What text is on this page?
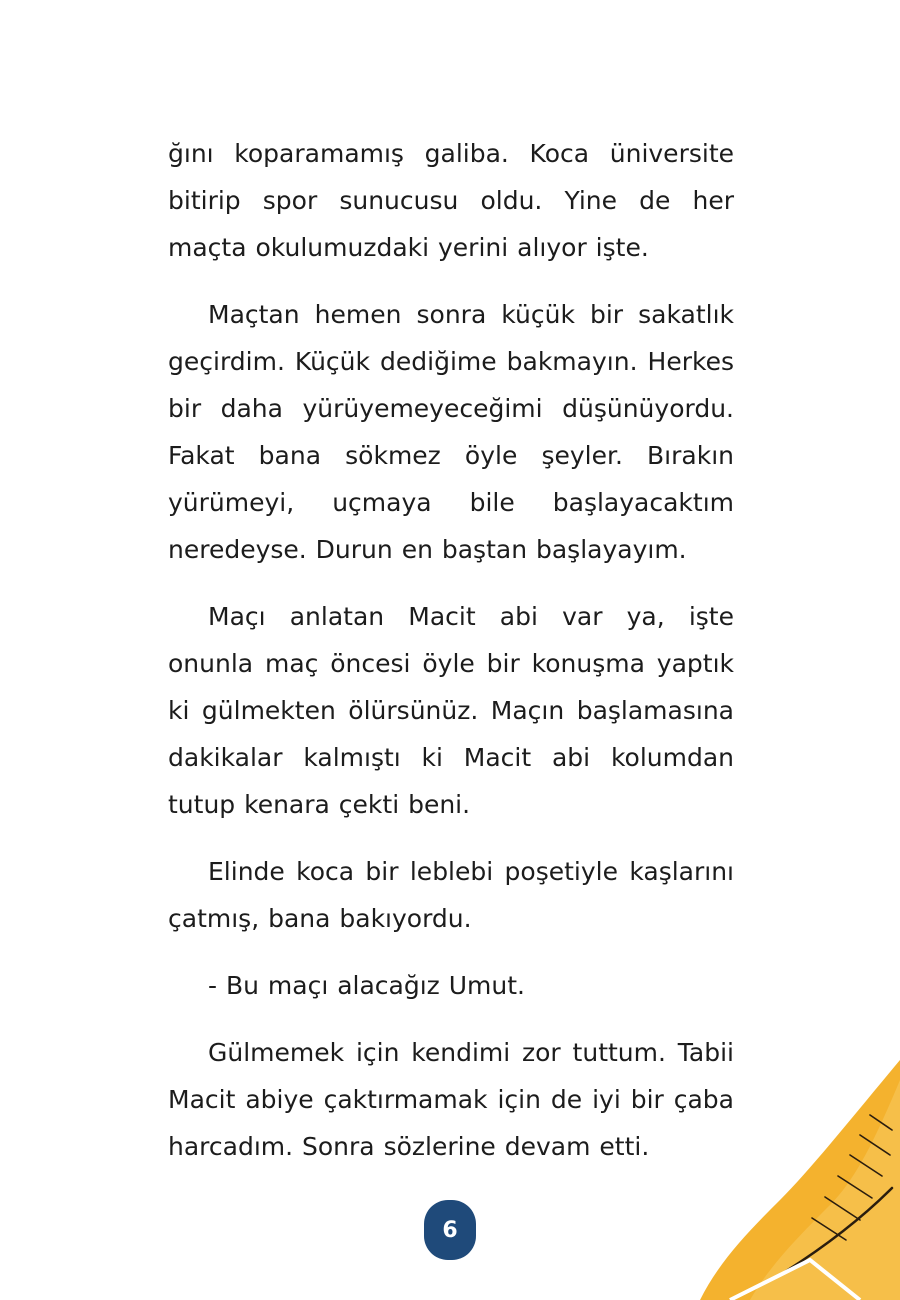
ğını koparamamış galiba. Koca üniversite bitirip spor sunucusu oldu. Yine de her maçta okulumuzdaki yerini alıyor işte.

Maçtan hemen sonra küçük bir sakatlık geçirdim. Küçük dediğime bakmayın. Herkes bir daha yürüyemeyeceğimi düşünüyordu. Fakat bana sökmez öyle şeyler. Bırakın yürümeyi, uçmaya bile başlayacaktım neredeyse. Durun en baştan başlayayım.

Maçı anlatan Macit abi var ya, işte onunla maç öncesi öyle bir konuşma yaptık ki gülmekten ölürsünüz. Maçın başlamasına dakikalar kalmıştı ki Macit abi kolumdan tutup kenara çekti beni.

Elinde koca bir leblebi poşetiyle kaşlarını çatmış, bana bakıyordu.

- Bu maçı alacağız Umut.

Gülmemek için kendimi zor tuttum. Tabii Macit abiye çaktırmamak için de iyi bir çaba harcadım. Sonra sözlerine devam etti.

6
